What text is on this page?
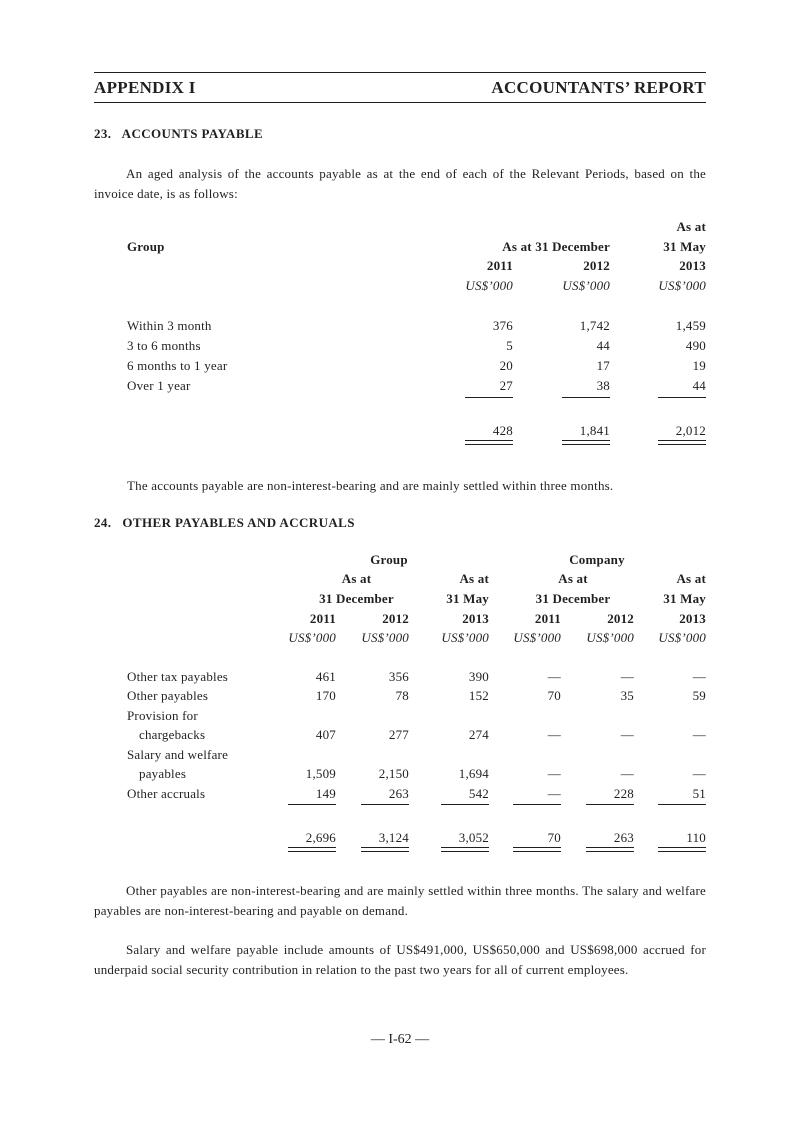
APPENDIX I	ACCOUNTANTS’ REPORT
23.   ACCOUNTS PAYABLE
An aged analysis of the accounts payable as at the end of each of the Relevant Periods, based on the invoice date, is as follows:
As at
Group	As at 31 December	31 May
2011	2012	2013
US$’000	US$’000	US$’000
Within 3 month	376	1,742	1,459
3 to 6 months	5	44	490
6 months to 1 year	20	17	19
Over 1 year	27	38	44
428	1,841	2,012
The accounts payable are non-interest-bearing and are mainly settled within three months.
24.   OTHER PAYABLES AND ACCRUALS
Group	Company
As at	As at	As at	As at
31 December	31 May	31 December	31 May
2011	2012	2013	2011	2012	2013
US$’000 US$’000 US$’000 US$’000 US$’000 US$’000
Other tax payables	461	356	390	—	—	—
Other payables	170	78	152	70	35	59
Provision for
chargebacks	407	277	274	—	—	—
Salary and welfare
payables	1,509	2,150	1,694	—	—	—
Other accruals	149	263	542	—	228	51
2,696	3,124	3,052	70	263	110
Other payables are non-interest-bearing and are mainly settled within three months. The salary and welfare payables are non-interest-bearing and payable on demand.
Salary and welfare payable include amounts of US$491,000, US$650,000 and US$698,000 accrued for underpaid social security contribution in relation to the past two years for all of current employees.
— I-62 —
